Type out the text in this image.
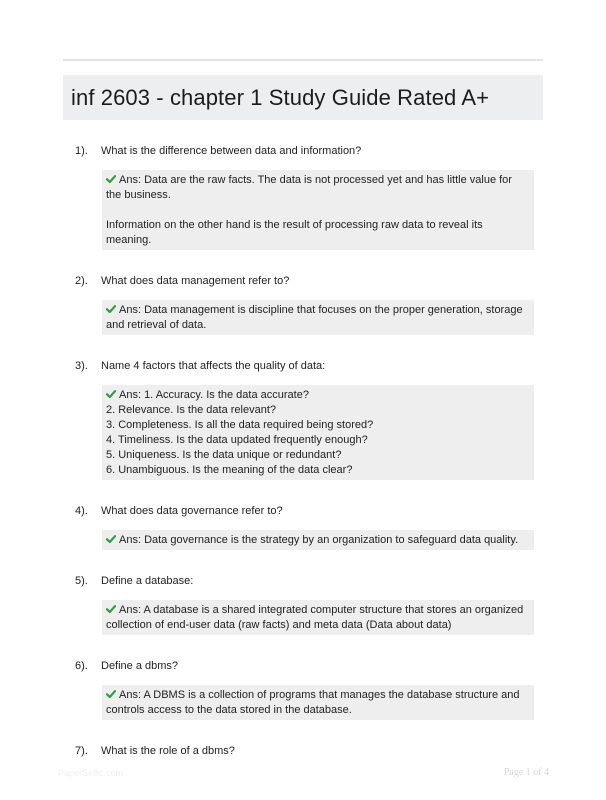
inf 2603 - chapter 1 Study Guide Rated A+
1).	What is the difference between data and information?
Ans: Data are the raw facts. The data is not processed yet and has little value for the business.
Information on the other hand is the result of processing raw data to reveal its meaning.
2).	What does data management refer to?
Ans: Data management is discipline that focuses on the proper generation, storage and retrieval of data.
3).	Name 4 factors that affects the quality of data:
Ans: 1. Accuracy. Is the data accurate?
2. Relevance. Is the data relevant?
3. Completeness. Is all the data required being stored?
4. Timeliness. Is the data updated frequently enough?
5. Uniqueness. Is the data unique or redundant?
6. Unambiguous. Is the meaning of the data clear?
4).	What does data governance refer to?
Ans: Data governance is the strategy by an organization to safeguard data quality.
5).	Define a database:
Ans: A database is a shared integrated computer structure that stores an organized collection of end-user data (raw facts) and meta data (Data about data)
6).	Define a dbms?
Ans: A DBMS is a collection of programs that manages the database structure and controls access to the data stored in the database.
7).	What is the role of a dbms?
PaperSellic.com	Page 1 of 4
